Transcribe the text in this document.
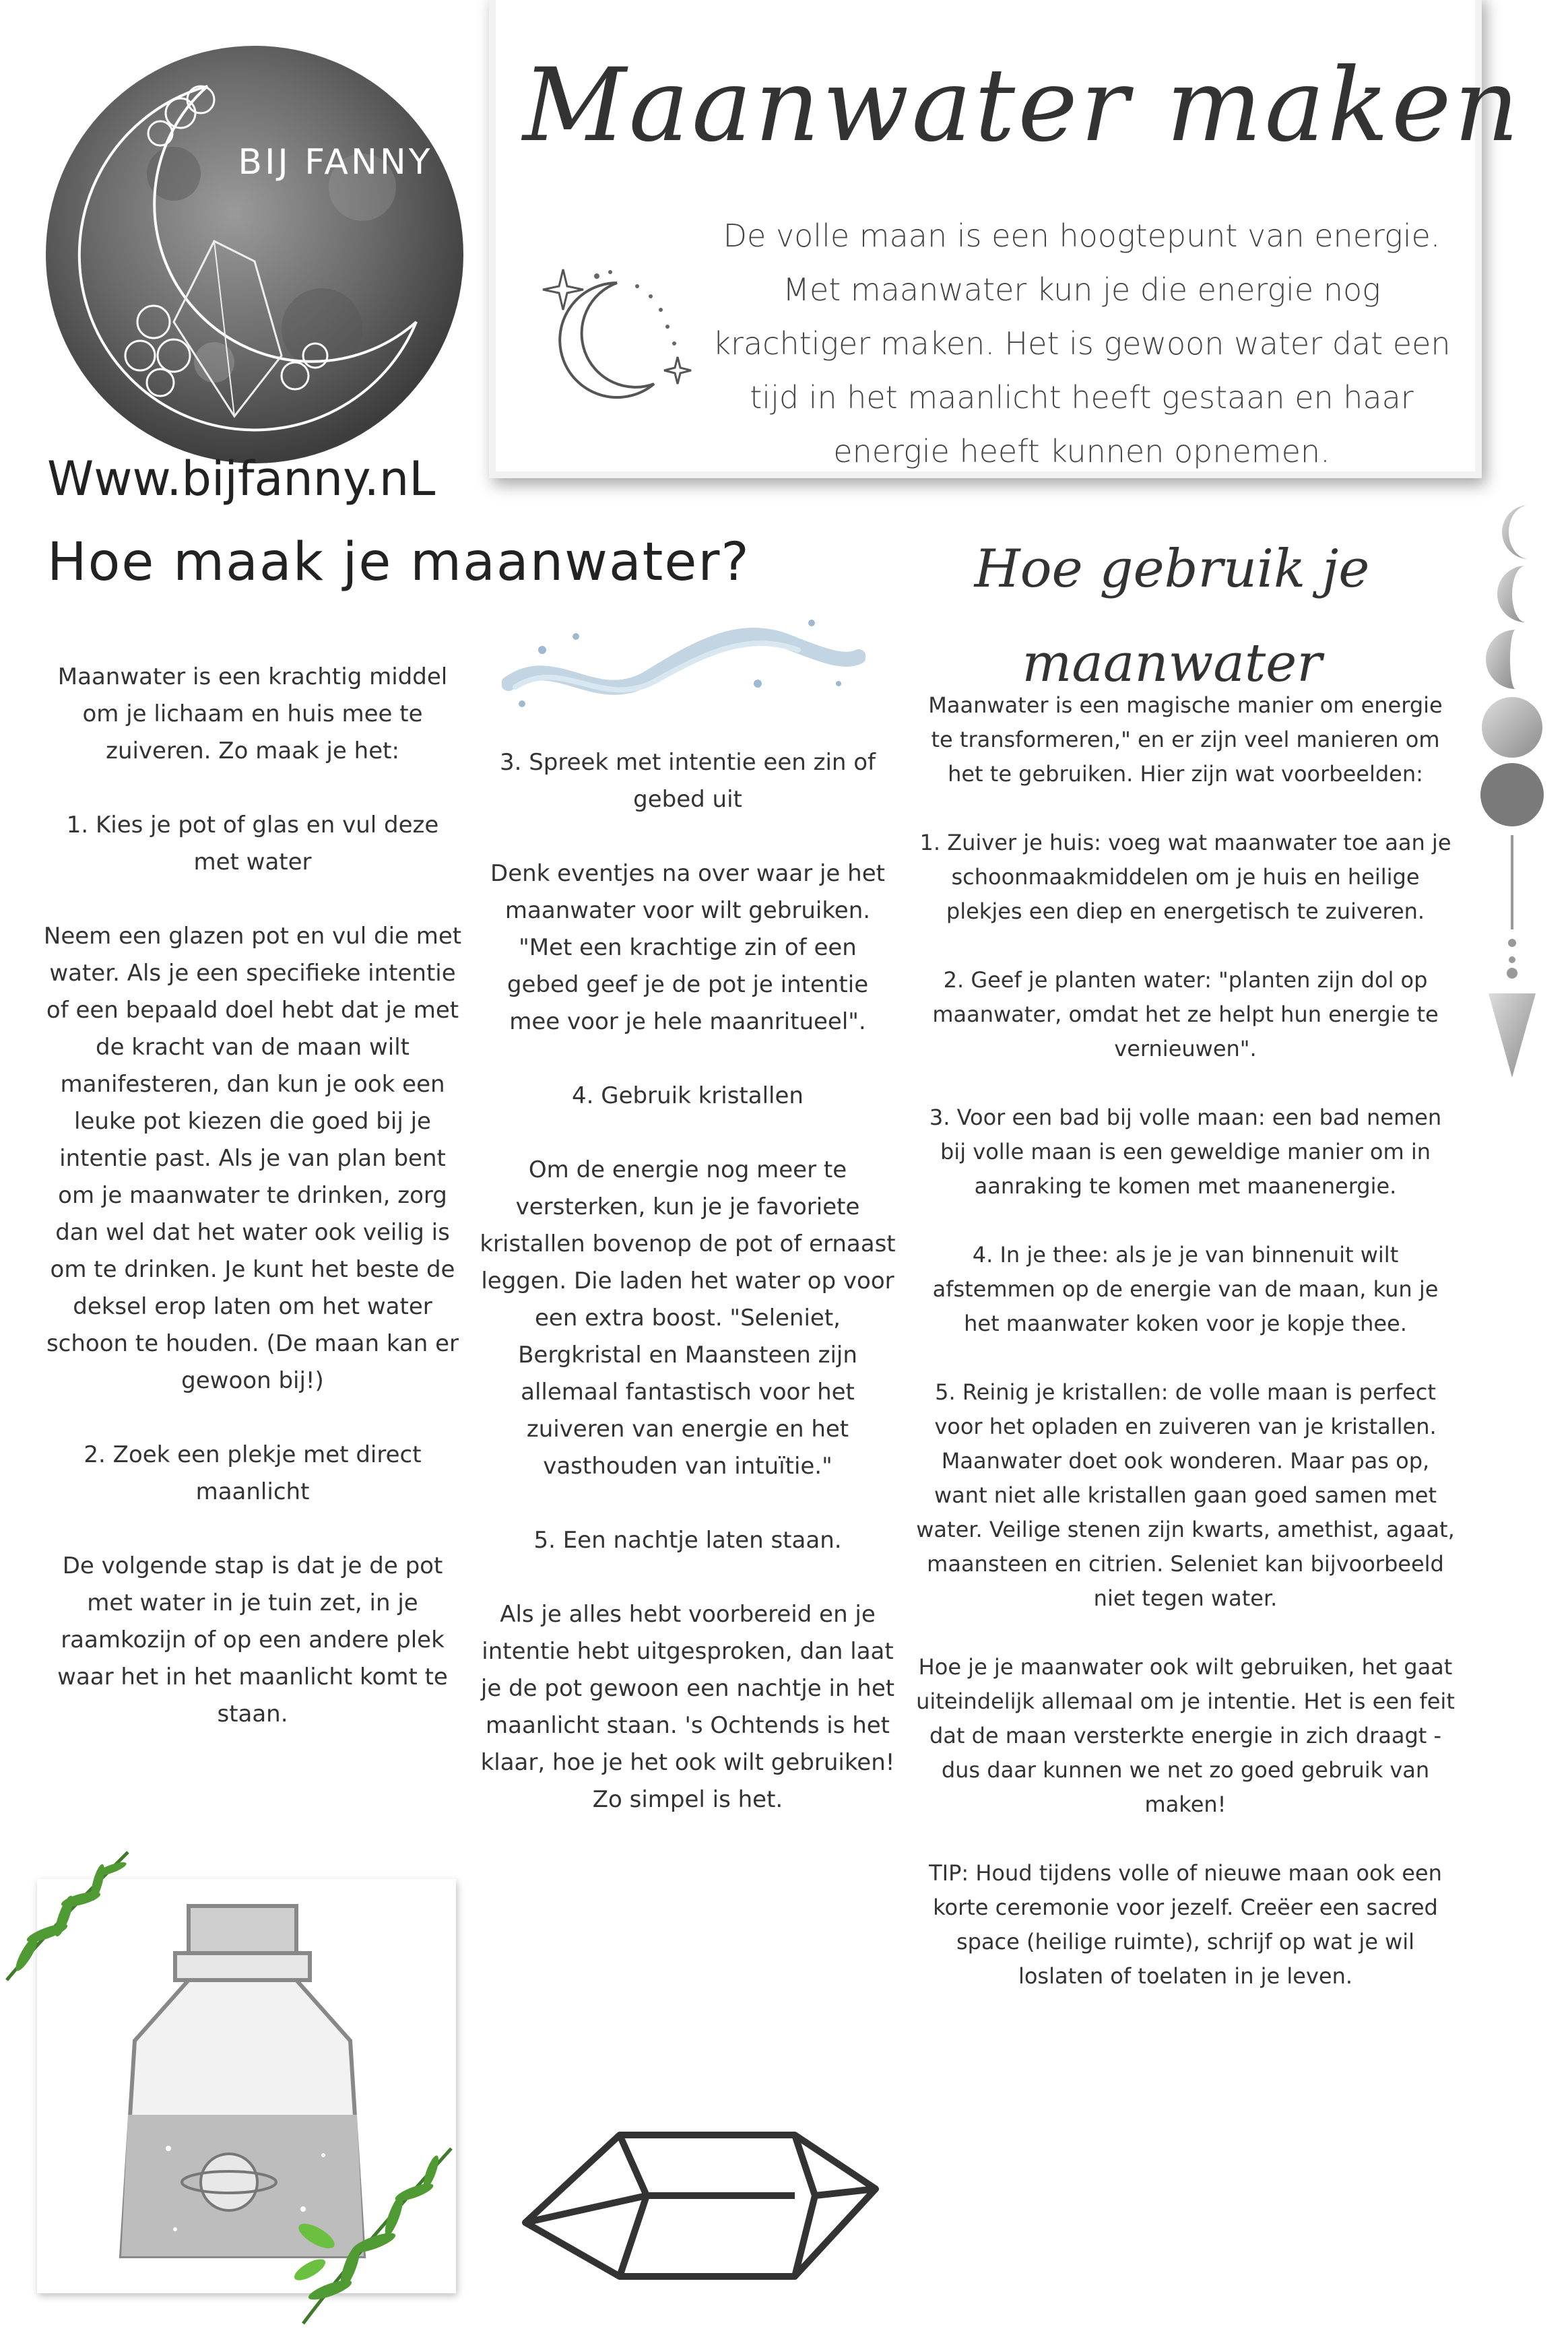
BIJ FANNY Maanwater maken
De volle maan is een hoogtepunt van energie. Met maanwater kun je die energie nog krachtiger maken. Het is gewoon water dat een tijd in het maanlicht heeft gestaan en haar energie heeft kunnen opnemen.
Www.bijfanny.nL
Hoe maak je maanwater?	Hoe gebruik je
maanwater

Maanwater is een krachtig middel om je lichaam en huis mee te zuiveren. Zo maak je het:

1. Kies je pot of glas en vul deze met water

Neem een glazen pot en vul die met water. Als je een specifieke intentie of een bepaald doel hebt dat je met de kracht van de maan wilt manifesteren, dan kun je ook een leuke pot kiezen die goed bij je intentie past. Als je van plan bent om je maanwater te drinken, zorg dan wel dat het water ook veilig is om te drinken. Je kunt het beste de deksel erop laten om het water schoon te houden. (De maan kan er gewoon bij!)

2. Zoek een plekje met direct maanlicht

De volgende stap is dat je de pot met water in je tuin zet, in je raamkozijn of op een andere plek waar het in het maanlicht komt te staan.

3. Spreek met intentie een zin of gebed uit

Denk eventjes na over waar je het maanwater voor wilt gebruiken. "Met een krachtige zin of een gebed geef je de pot je intentie mee voor je hele maanritueel".

4. Gebruik kristallen

Om de energie nog meer te versterken, kun je je favoriete kristallen bovenop de pot of ernaast leggen. Die laden het water op voor een extra boost. "Seleniet, Bergkristal en Maansteen zijn allemaal fantastisch voor het zuiveren van energie en het vasthouden van intuïtie."

5. Een nachtje laten staan.

Als je alles hebt voorbereid en je intentie hebt uitgesproken, dan laat je de pot gewoon een nachtje in het maanlicht staan. 's Ochtends is het klaar, hoe je het ook wilt gebruiken! Zo simpel is het.

Maanwater is een magische manier om energie te transformeren," en er zijn veel manieren om het te gebruiken. Hier zijn wat voorbeelden:

1. Zuiver je huis: voeg wat maanwater toe aan je schoonmaakmiddelen om je huis en heilige plekjes een diep en energetisch te zuiveren.

2. Geef je planten water: "planten zijn dol op maanwater, omdat het ze helpt hun energie te vernieuwen".

3. Voor een bad bij volle maan: een bad nemen bij volle maan is een geweldige manier om in aanraking te komen met maanenergie.

4. In je thee: als je je van binnenuit wilt afstemmen op de energie van de maan, kun je het maanwater koken voor je kopje thee.

5. Reinig je kristallen: de volle maan is perfect voor het opladen en zuiveren van je kristallen. Maanwater doet ook wonderen. Maar pas op, want niet alle kristallen gaan goed samen met water. Veilige stenen zijn kwarts, amethist, agaat, maansteen en citrien. Seleniet kan bijvoorbeeld niet tegen water.

Hoe je je maanwater ook wilt gebruiken, het gaat uiteindelijk allemaal om je intentie. Het is een feit dat de maan versterkte energie in zich draagt - dus daar kunnen we net zo goed gebruik van maken!

TIP: Houd tijdens volle of nieuwe maan ook een korte ceremonie voor jezelf. Creëer een sacred space (heilige ruimte), schrijf op wat je wil loslaten of toelaten in je leven.
